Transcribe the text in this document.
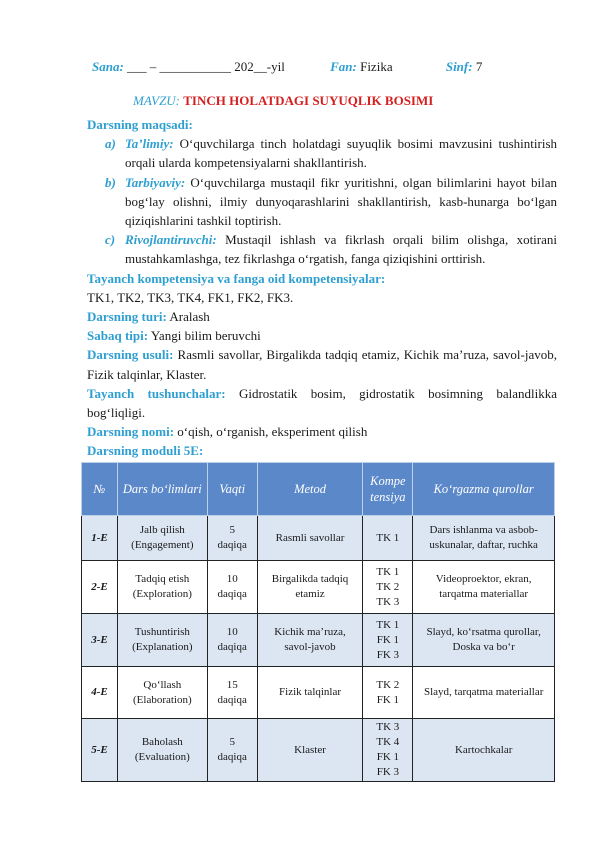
Sana: ___ – ___________ 202__-yil	Fan: Fizika	Sinf: 7
MAVZU: TINCH HOLATDAGI SUYUQLIK BOSIMI

Darsning maqsadi:

a) Ta’limiy: O‘quvchilarga tinch holatdagi suyuqlik bosimi mavzusini tushintirish orqali ularda kompetensiyalarni shakllantirish.
b) Tarbiyaviy: O‘quvchilarga mustaqil fikr yuritishni, olgan bilimlarini hayot bilan bog‘lay olishni, ilmiy dunyoqarashlarini shakllantirish, kasb-hunarga bo‘lgan qiziqishlarini tashkil toptirish.
c) Rivojlantiruvchi: Mustaqil ishlash va fikrlash orqali bilim olishga, xotirani mustahkamlashga, tez fikrlashga o‘rgatish, fanga qiziqishini orttirish.

Tayanch kompetensiya va fanga oid kompetensiyalar:

TK1, TK2, TK3, TK4, FK1, FK2, FK3.

Darsning turi: Aralash

Sabaq tipi: Yangi bilim beruvchi

Darsning usuli: Rasmli savollar, Birgalikda tadqiq etamiz, Kichik ma’ruza, savol-javob, Fizik talqinlar, Klaster.

Tayanch tushunchalar: Gidrostatik bosim, gidrostatik bosimning balandlikka bog‘liqligi.

Darsning nomi: o‘qish, o‘rganish, eksperiment qilish

Darsning moduli 5E:

№	Dars bo‘limlari	Vaqti	Metod	Kompe tensiya	Ko‘rgazma qurollar
1-E	Jalb qilish
(Engagement)	5
daqiqa	Rasmli savollar	TK 1	Dars ishlanma va asbob-uskunalar, daftar, ruchka
2-E	Tadqiq etish
(Exploration)	10
daqiqa	Birgalikda tadqiq etamiz	TK 1
TK 2
TK 3	Videoproektor, ekran, tarqatma materiallar
3-E	Tushuntirish
(Explanation)	10
daqiqa	Kichik ma’ruza, savol-javob	TK 1
FK 1
FK 3	Slayd, ko‘rsatma qurollar, Doska va bo‘r
4-E	Qo‘llash
(Elaboration)	15
daqiqa	Fizik talqinlar	TK 2
FK 1	Slayd, tarqatma materiallar
5-E	Baholash
(Evaluation)	5
daqiqa	Klaster	TK 3
TK 4
FK 1
FK 3	Kartochkalar
